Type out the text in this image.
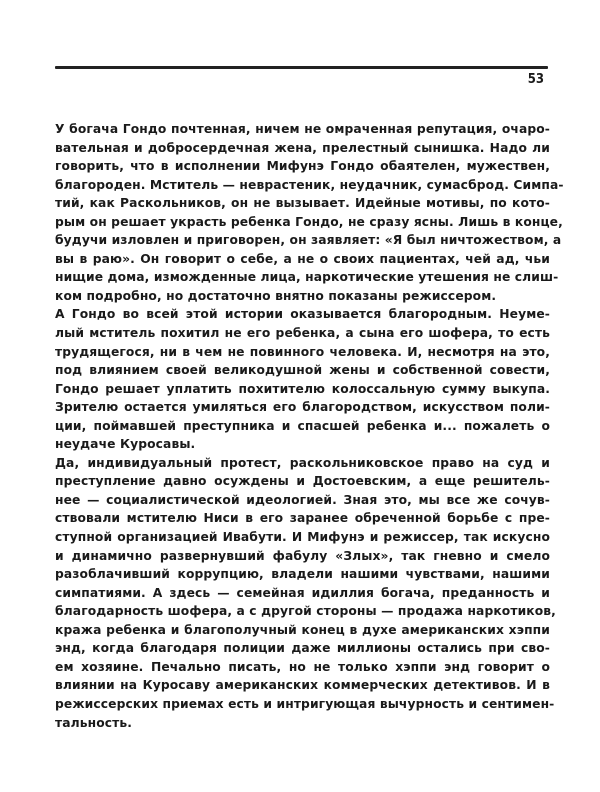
53
У богача Гондо почтенная, ничем не омраченная репутация, очаро-
вательная и добросердечная жена, прелестный сынишка. Надо ли
говорить, что в исполнении Мифунэ Гондо обаятелен, мужествен,
благороден. Мститель — неврастеник, неудачник, сумасброд. Симпа-
тий, как Раскольников, он не вызывает. Идейные мотивы, по кото-
рым он решает украсть ребенка Гондо, не сразу ясны. Лишь в конце,
будучи изловлен и приговорен, он заявляет: «Я был ничтожеством, а
вы в раю». Он говорит о себе, а не о своих пациентах, чей ад, чьи
нищие дома, изможденные лица, наркотические утешения не слиш-
ком подробно, но достаточно внятно показаны режиссером.
А Гондо во всей этой истории оказывается благородным. Неуме-
лый мститель похитил не его ребенка, а сына его шофера, то есть
трудящегося, ни в чем не повинного человека. И, несмотря на это,
под влиянием своей великодушной жены и собственной совести,
Гондо решает уплатить похитителю колоссальную сумму выкупа.
Зрителю остается умиляться его благородством, искусством поли-
ции, поймавшей преступника и спасшей ребенка и... пожалеть о
неудаче Куросавы.
Да, индивидуальный протест, раскольниковское право на суд и
преступление давно осуждены и Достоевским, а еще решитель-
нее — социалистической идеологией. Зная это, мы все же сочув-
ствовали мстителю Ниси в его заранее обреченной борьбе с пре-
ступной организацией Ивабути. И Мифунэ и режиссер, так искусно
и динамично развернувший фабулу «Злых», так гневно и смело
разоблачивший коррупцию, владели нашими чувствами, нашими
симпатиями. А здесь — семейная идиллия богача, преданность и
благодарность шофера, а с другой стороны — продажа наркотиков,
кража ребенка и благополучный конец в духе американских хэппи
энд, когда благодаря полиции даже миллионы остались при сво-
ем хозяине. Печально писать, но не только хэппи энд говорит о
влиянии на Куросаву американских коммерческих детективов. И в
режиссерских приемах есть и интригующая вычурность и сентимен-
тальность.
